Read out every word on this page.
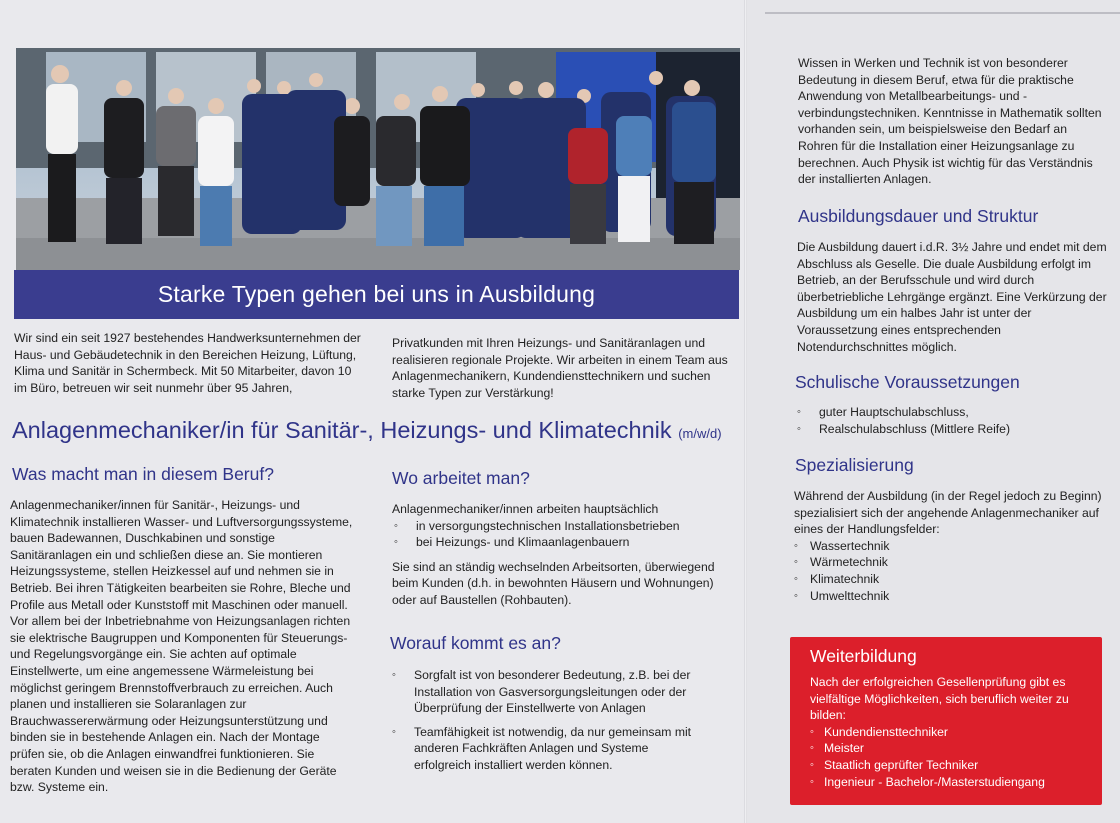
Starke Typen gehen bei uns in Ausbildung
Wir sind ein seit 1927 bestehendes Handwerksunternehmen der Haus- und Gebäudetechnik in den Bereichen Heizung, Lüftung, Klima und Sanitär in Schermbeck. Mit 50 Mitarbeiter, davon 10 im Büro, betreuen wir seit nunmehr über 95 Jahren,
Privatkunden mit Ihren Heizungs- und Sanitäranlagen und realisieren regionale Projekte. Wir arbeiten in einem Team aus Anlagenmechanikern, Kundendiensttechnikern und suchen starke Typen zur Verstärkung!
Anlagenmechaniker/in für Sanitär-, Heizungs- und Klimatechnik (m/w/d)
Was macht man in diesem Beruf?
Anlagenmechaniker/innen für Sanitär-, Heizungs- und Klimatechnik installieren Wasser- und Luftversorgungssysteme, bauen Badewannen, Duschkabinen und sonstige Sanitäranlagen ein und schließen diese an. Sie montieren Heizungssysteme, stellen Heizkessel auf und nehmen sie in Betrieb. Bei ihren Tätigkeiten bearbeiten sie Rohre, Bleche und Profile aus Metall oder Kunststoff mit Maschinen oder manuell. Vor allem bei der Inbetriebnahme von Heizungsanlagen richten sie elektrische Baugruppen und Komponenten für Steuerungs- und Regelungsvorgänge ein. Sie achten auf optimale Einstellwerte, um eine angemessene Wärmeleistung bei möglichst geringem Brennstoffverbrauch zu erreichen. Auch planen und installieren sie Solaranlagen zur Brauchwassererwärmung oder Heizungsunterstützung und binden sie in bestehende Anlagen ein. Nach der Montage prüfen sie, ob die Anlagen einwandfrei funktionieren. Sie beraten Kunden und weisen sie in die Bedienung der Geräte bzw. Systeme ein.
Wo arbeitet man?
Anlagenmechaniker/innen arbeiten hauptsächlich
◦ in versorgungstechnischen Installationsbetrieben
◦ bei Heizungs- und Klimaanlagenbauern
Sie sind an ständig wechselnden Arbeitsorten, überwiegend beim Kunden (d.h. in bewohnten Häusern und Wohnungen) oder auf Baustellen (Rohbauten).
Worauf kommt es an?
◦ Sorgfalt ist von besonderer Bedeutung, z.B. bei der Installation von Gasversorgungsleitungen oder der Überprüfung der Einstellwerte von Anlagen
◦ Teamfähigkeit ist notwendig, da nur gemeinsam mit anderen Fachkräften Anlagen und Systeme erfolgreich installiert werden können.
Wissen in Werken und Technik ist von besonderer Bedeutung in diesem Beruf, etwa für die praktische Anwendung von Metallbearbeitungs- und -verbindungstechniken. Kenntnisse in Mathematik sollten vorhanden sein, um beispielsweise den Bedarf an Rohren für die Installation einer Heizungsanlage zu berechnen. Auch Physik ist wichtig für das Verständnis der installierten Anlagen.
Ausbildungsdauer und Struktur
Die Ausbildung dauert i.d.R. 3½ Jahre und endet mit dem Abschluss als Geselle. Die duale Ausbildung erfolgt im Betrieb, an der Berufsschule und wird durch überbetriebliche Lehrgänge ergänzt. Eine Verkürzung der Ausbildung um ein halbes Jahr ist unter der Voraussetzung eines entsprechenden Notendurchschnittes möglich.
Schulische Voraussetzungen
◦ guter Hauptschulabschluss,
◦ Realschulabschluss (Mittlere Reife)
Spezialisierung
Während der Ausbildung (in der Regel jedoch zu Beginn) spezialisiert sich der angehende Anlagenmechaniker auf eines der Handlungsfelder:
◦ Wassertechnik
◦ Wärmetechnik
◦ Klimatechnik
◦ Umwelttechnik
Weiterbildung
Nach der erfolgreichen Gesellenprüfung gibt es vielfältige Möglichkeiten, sich beruflich weiter zu bilden:
◦ Kundendiensttechniker
◦ Meister
◦ Staatlich geprüfter Techniker
◦ Ingenieur - Bachelor-/Masterstudiengang
